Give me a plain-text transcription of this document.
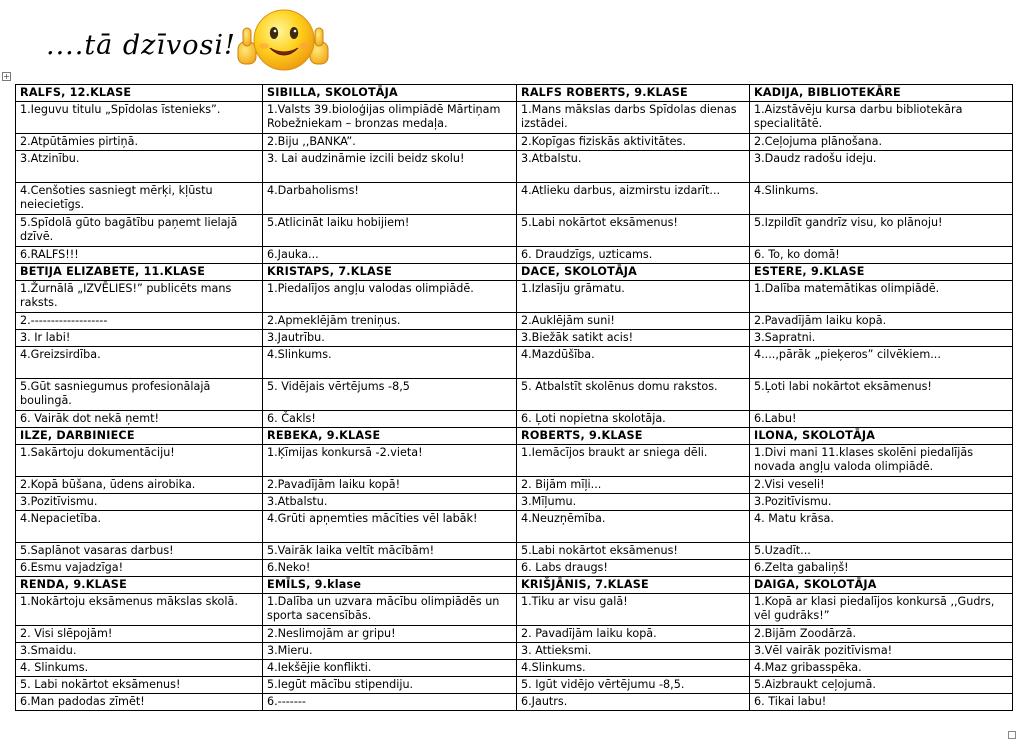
....tā dzīvosi!
+
RALFS, 12.KLASE	SIBILLA, SKOLOTĀJA	RALFS ROBERTS, 9.KLASE	KADIJA, BIBLIOTEKĀRE
1.Ieguvu titulu „Spīdolas īstenieks”.	1.Valsts 39.bioloģijas olimpiādē Mārtiņam Robežniekam – bronzas medaļa.	1.Mans mākslas darbs Spīdolas dienas izstādei.	1.Aizstāvēju kursa darbu bibliotekāra specialitātē.
2.Atpūtāmies pirtiņā.	2.Biju ,,BANKA”.	2.Kopīgas fiziskās aktivitātes.	2.Ceļojuma plānošana.
3.Atzinību.	3. Lai audzināmie izcili beidz skolu!	3.Atbalstu.	3.Daudz radošu ideju.
4.Cenšoties sasniegt mērķi, kļūstu neiecietīgs.	4.Darbaholisms!	4.Atlieku darbus, aizmirstu izdarīt...	4.Slinkums.
5.Spīdolā gūto bagātību paņemt lielajā dzīvē.	5.Atlicināt laiku hobijiem!	5.Labi nokārtot eksāmenus!	5.Izpildīt gandrīz visu, ko plānoju!
6.RALFS!!!	6.Jauka...	6. Draudzīgs, uzticams.	6. To, ko domā!
BETIJA ELIZABETE, 11.KLASE	KRISTAPS, 7.KLASE	DACE, SKOLOTĀJA	ESTERE, 9.KLASE
1.Žurnālā „IZVĒLIES!” publicēts mans raksts.	1.Piedalījos angļu valodas olimpiādē.	1.Izlasīju grāmatu.	1.Dalība matemātikas olimpiādē.
2.-------------------	2.Apmeklējām treniņus.	2.Auklējām suni!	2.Pavadījām laiku kopā.
3. Ir labi!	3.Jautrību.	3.Biežāk satikt acis!	3.Sapratni.
4.Greizsirdība.	4.Slinkums.	4.Mazdūšība.	4....,pārāk „pieķeros” cilvēkiem...
5.Gūt sasniegumus profesionālajā boulingā.	5. Vidējais vērtējums -8,5	5. Atbalstīt skolēnus domu rakstos.	5.Ļoti labi nokārtot eksāmenus!
6. Vairāk dot nekā ņemt!	6. Čakls!	6. Ļoti nopietna skolotāja.	6.Labu!
ILZE, DARBINIECE	REBEKA, 9.KLASE	ROBERTS, 9.KLASE	ILONA, SKOLOTĀJA
1.Sakārtoju dokumentāciju!	1.Ķīmijas konkursā -2.vieta!	1.Iemācījos braukt ar sniega dēli.	1.Divi mani 11.klases skolēni piedalījās novada angļu valoda olimpiādē.
2.Kopā būšana, ūdens airobika.	2.Pavadījām laiku kopā!	2. Bijām mīļi...	2.Visi veseli!
3.Pozitīvismu.	3.Atbalstu.	3.Mīļumu.	3.Pozitīvismu.
4.Nepacietība.	4.Grūti apņemties mācīties vēl labāk!	4.Neuzņēmība.	4. Matu krāsa.
5.Saplānot vasaras darbus!	5.Vairāk laika veltīt mācībām!	5.Labi nokārtot eksāmenus!	5.Uzadīt...
6.Esmu vajadzīga!	6.Neko!	6. Labs draugs!	6.Zelta gabaliņš!
RENDA, 9.KLASE	EMĪLS, 9.klase	KRIŠJĀNIS, 7.KLASE	DAIGA, SKOLOTĀJA
1.Nokārtoju eksāmenus mākslas skolā.	1.Dalība un uzvara mācību olimpiādēs un sporta sacensībās.	1.Tiku ar visu galā!	1.Kopā ar klasi piedalījos konkursā ,,Gudrs, vēl gudrāks!”
2. Visi slēpojām!	2.Neslimojām ar gripu!	2. Pavadījām laiku kopā.	2.Bijām Zoodārzā.
3.Smaidu.	3.Mieru.	3. Attieksmi.	3.Vēl vairāk pozitīvisma!
4. Slinkums.	4.Iekšējie konflikti.	4.Slinkums.	4.Maz gribasspēka.
5. Labi nokārtot eksāmenus!	5.Iegūt mācību stipendiju.	5. Igūt vidējo vērtējumu -8,5.	5.Aizbraukt ceļojumā.
6.Man padodas zīmēt!	6.-------	6.Jautrs.	6. Tikai labu!
